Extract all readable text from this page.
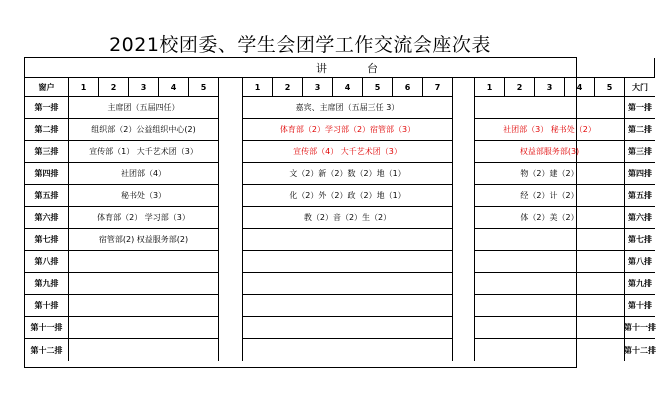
2021校团委、学生会团学工作交流会座次表
讲台
窗户	1	2	3	4	5	1	2	3	4	5	6	7	1	2	3	4	5	大门
第一排	主席团（五届四任）	嘉宾、主席团（五届三任 3）	第一排
第二排	组织部（2）公益组织中心(2)	体育部（2）学习部（2）宿管部（3）	社团部（3） 秘书处（2）	第二排
第三排	宣传部（1） 大千艺术团（3）	宣传部（4） 大千艺术团（3）	权益部服务部(3)	第三排
第四排	社团部（4）	文（2）新（2）数（2）地（1）	物（2）建（2）	第四排
第五排	秘书处（3）	化（2）外（2）政（2）地（1）	经（2）计（2）	第五排
第六排	体育部（2） 学习部（3）	教（2）音（2）生（2）	体（2）美（2）	第六排
第七排	宿管部(2) 权益服务部(2)	第七排
第八排	第八排
第九排	第九排
第十排	第十排
第十一排	第十一排
第十二排	第十二排
